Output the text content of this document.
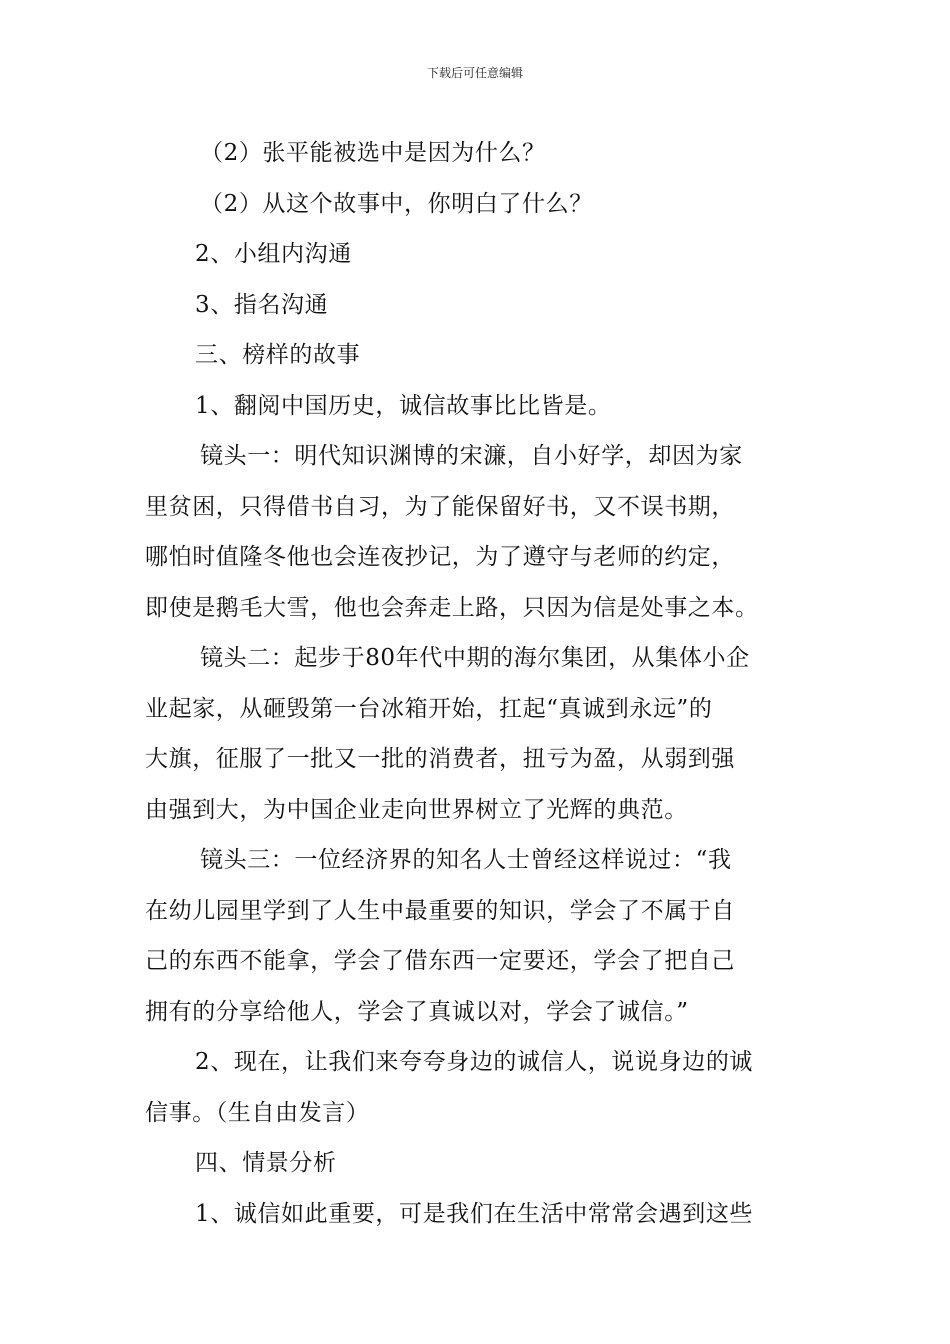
下载后可任意编辑
（2）张平能被选中是因为什么？
（2）从这个故事中，你明白了什么？
2、小组内沟通
3、指名沟通
三、榜样的故事
1、翻阅中国历史，诚信故事比比皆是。
镜头一：明代知识渊博的宋濂，自小好学，却因为家
里贫困，只得借书自习，为了能保留好书，又不误书期，
哪怕时值隆冬他也会连夜抄记，为了遵守与老师的约定，
即使是鹅毛大雪，他也会奔走上路，只因为信是处事之本。
镜头二：起步于80年代中期的海尔集团，从集体小企
业起家，从砸毁第一台冰箱开始，扛起“真诚到永远”的
大旗，征服了一批又一批的消费者，扭亏为盈，从弱到强
由强到大，为中国企业走向世界树立了光辉的典范。
镜头三：一位经济界的知名人士曾经这样说过：“我
在幼儿园里学到了人生中最重要的知识，学会了不属于自
己的东西不能拿，学会了借东西一定要还，学会了把自己
拥有的分享给他人，学会了真诚以对，学会了诚信。”
2、现在，让我们来夸夸身边的诚信人，说说身边的诚
信事。（生自由发言）
四、情景分析
1、诚信如此重要，可是我们在生活中常常会遇到这些
